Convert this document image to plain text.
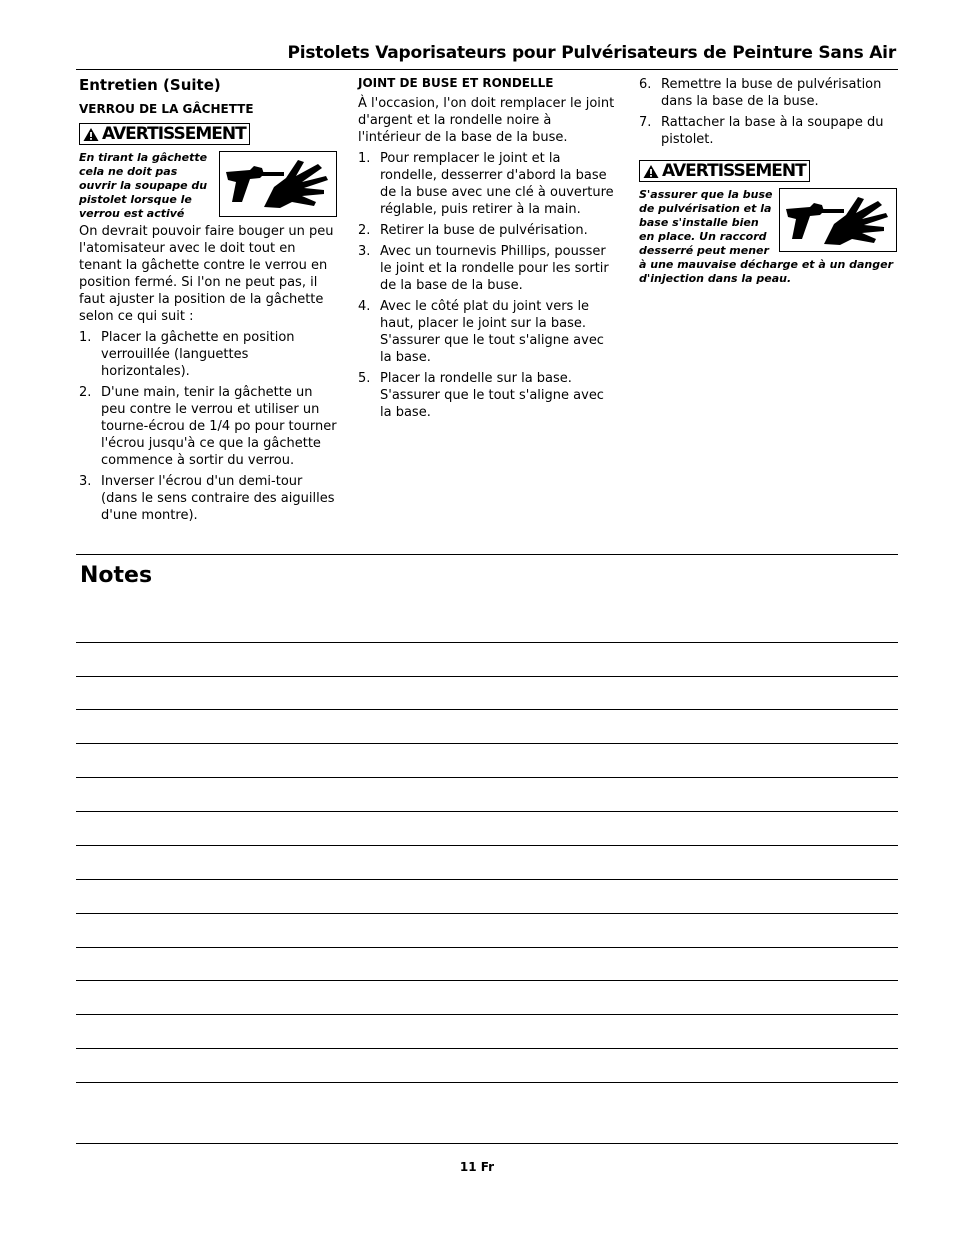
Pistolets Vaporisateurs pour Pulvérisateurs de Peinture Sans Air
Entretien (Suite)
VERROU DE LA GÂCHETTE
AVERTISSEMENT
En tirant la gâchette cela ne doit pas ouvrir la soupape du pistolet lorsque le verrou est activé

On devrait pouvoir faire bouger un peu l'atomisateur avec le doit tout en tenant la gâchette contre le verrou en position fermé. Si l'on ne peut pas, il faut ajuster la position de la gâchette selon ce qui suit :

1. Placer la gâchette en position verrouillée (languettes horizontales).
2. D'une main, tenir la gâchette un peu contre le verrou et utiliser un tourne-écrou de 1/4 po pour tourner l'écrou jusqu'à ce que la gâchette commence à sortir du verrou.
3. Inverser l'écrou d'un demi-tour (dans le sens contraire des aiguilles d'une montre).
JOINT DE BUSE ET RONDELLE

À l'occasion, l'on doit remplacer le joint d'argent et la rondelle noire à l'intérieur de la base de la buse.

1. Pour remplacer le joint et la rondelle, desserrer d'abord la base de la buse avec une clé à ouverture réglable, puis retirer à la main.
2. Retirer la buse de pulvérisation.
3. Avec un tournevis Phillips, pousser le joint et la rondelle pour les sortir de la base de la buse.
4. Avec le côté plat du joint vers le haut, placer le joint sur la base. S'assurer que le tout s'aligne avec la base.
5. Placer la rondelle sur la base. S'assurer que le tout s'aligne avec la base.
6. Remettre la buse de pulvérisation dans la base de la buse.
7. Rattacher la base à la soupape du pistolet.
AVERTISSEMENT
S'assurer que la buse de pulvérisation et la base s'installe bien en place. Un raccord desserré peut mener à une mauvaise décharge et à un danger d'injection dans la peau.
Notes
11 Fr
